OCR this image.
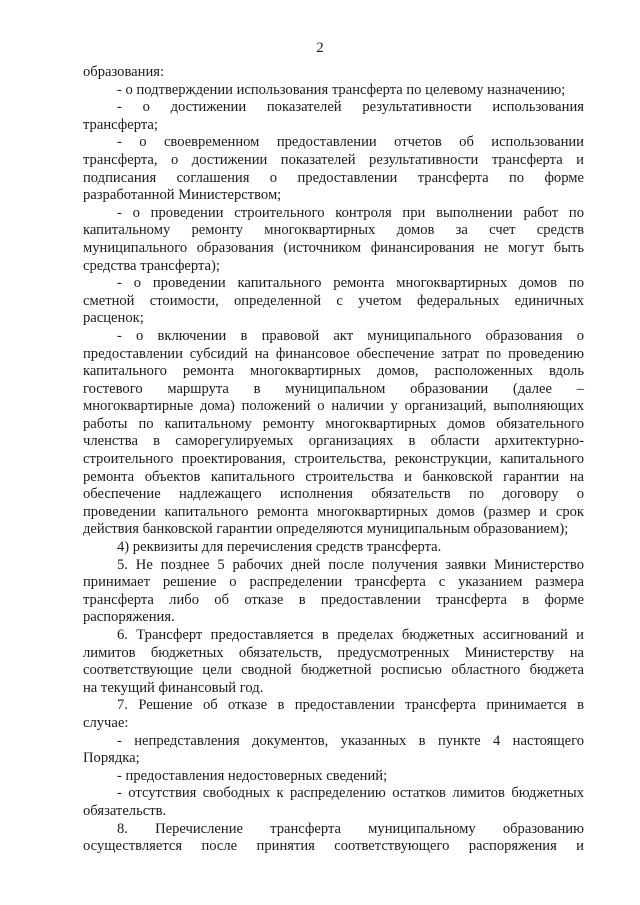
2
образования:
- о подтверждении использования трансферта по целевому назначению;
- о достижении показателей результативности использования
трансферта;
- о своевременном предоставлении отчетов об использовании
трансферта, о достижении показателей результативности трансферта и
подписания соглашения о предоставлении трансферта по форме
разработанной Министерством;
- о проведении строительного контроля при выполнении работ по
капитальному ремонту многоквартирных домов за счет средств
муниципального образования (источником финансирования не могут быть
средства трансферта);
- о проведении капитального ремонта многоквартирных домов по
сметной стоимости, определенной с учетом федеральных единичных
расценок;
- о включении в правовой акт муниципального образования о
предоставлении субсидий на финансовое обеспечение затрат по проведению
капитального ремонта многоквартирных домов, расположенных вдоль
гостевого маршрута в муниципальном образовании (далее –
многоквартирные дома) положений о наличии у организаций, выполняющих
работы по капитальному ремонту многоквартирных домов обязательного
членства в саморегулируемых организациях в области архитектурно-
строительного проектирования, строительства, реконструкции, капитального
ремонта объектов капитального строительства и банковской гарантии на
обеспечение надлежащего исполнения обязательств по договору о
проведении капитального ремонта многоквартирных домов (размер и срок
действия банковской гарантии определяются муниципальным образованием);
4) реквизиты для перечисления средств трансферта.
5. Не позднее 5 рабочих дней после получения заявки Министерство
принимает решение о распределении трансферта с указанием размера
трансферта либо об отказе в предоставлении трансферта в форме
распоряжения.
6. Трансферт предоставляется в пределах бюджетных ассигнований и
лимитов бюджетных обязательств, предусмотренных Министерству на
соответствующие цели сводной бюджетной росписью областного бюджета
на текущий финансовый год.
7. Решение об отказе в предоставлении трансферта принимается в
случае:
- непредставления документов, указанных в пункте 4 настоящего
Порядка;
- предоставления недостоверных сведений;
- отсутствия свободных к распределению остатков лимитов бюджетных
обязательств.
8. Перечисление трансферта муниципальному образованию
осуществляется после принятия соответствующего распоряжения и
